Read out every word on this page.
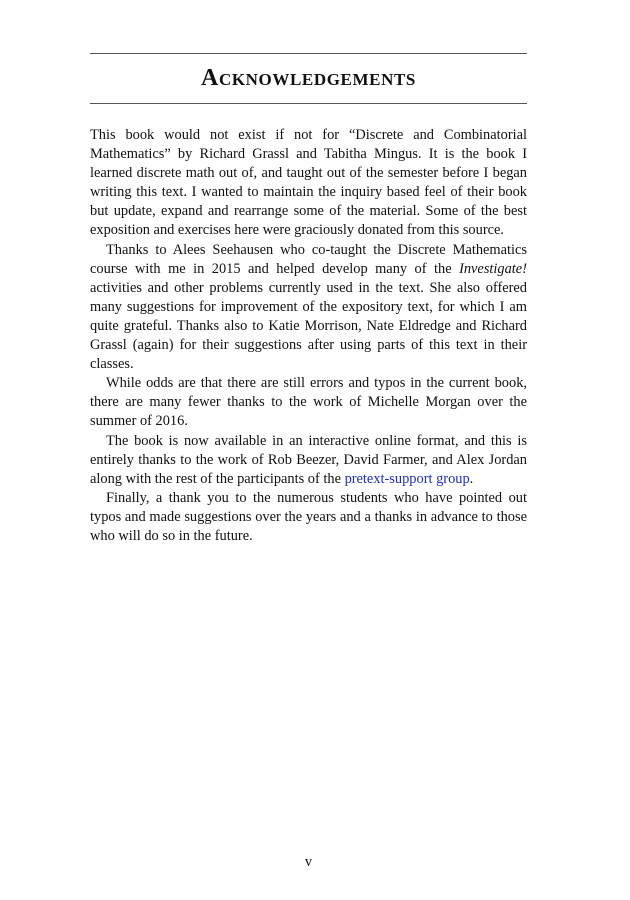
Acknowledgements

This book would not exist if not for “Discrete and Combinatorial Mathematics” by Richard Grassl and Tabitha Mingus. It is the book I learned discrete math out of, and taught out of the semester before I began writing this text. I wanted to maintain the inquiry based feel of their book but update, expand and rearrange some of the material. Some of the best exposition and exercises here were graciously donated from this source.

Thanks to Alees Seehausen who co-taught the Discrete Mathematics course with me in 2015 and helped develop many of the Investigate! activities and other problems currently used in the text. She also offered many suggestions for improvement of the expository text, for which I am quite grateful. Thanks also to Katie Morrison, Nate Eldredge and Richard Grassl (again) for their suggestions after using parts of this text in their classes.

While odds are that there are still errors and typos in the current book, there are many fewer thanks to the work of Michelle Morgan over the summer of 2016.

The book is now available in an interactive online format, and this is entirely thanks to the work of Rob Beezer, David Farmer, and Alex Jordan along with the rest of the participants of the pretext-support group.

Finally, a thank you to the numerous students who have pointed out typos and made suggestions over the years and a thanks in advance to those who will do so in the future.

v
